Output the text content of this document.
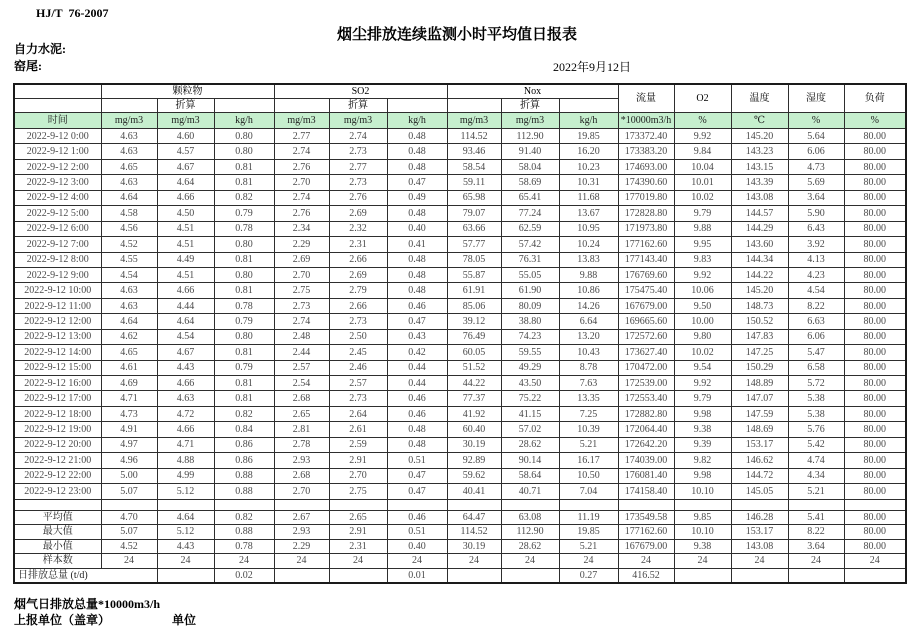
HJ/T  76-2007
烟尘排放连续监测小时平均值日报表
自力水泥:
窑尾:	2022年9月12日
	颗粒物			SO2			Nox			流量	O2	温度	湿度	负荷
		折算			折算			折算						
时间	mg/m3	mg/m3	kg/h	mg/m3	mg/m3	kg/h	mg/m3	mg/m3	kg/h	*10000m3/h	%	℃	%	%
2022-9-12 0:00	4.63	4.60	0.80	2.77	2.74	0.48	114.52	112.90	19.85	173372.40	9.92	145.20	5.64	80.00
2022-9-12 1:00	4.63	4.57	0.80	2.74	2.73	0.48	93.46	91.40	16.20	173383.20	9.84	143.23	6.06	80.00
2022-9-12 2:00	4.65	4.67	0.81	2.76	2.77	0.48	58.54	58.04	10.23	174693.00	10.04	143.15	4.73	80.00
2022-9-12 3:00	4.63	4.64	0.81	2.70	2.73	0.47	59.11	58.69	10.31	174390.60	10.01	143.39	5.69	80.00
2022-9-12 4:00	4.64	4.66	0.82	2.74	2.76	0.49	65.98	65.41	11.68	177019.80	10.02	143.08	3.64	80.00
2022-9-12 5:00	4.58	4.50	0.79	2.76	2.69	0.48	79.07	77.24	13.67	172828.80	9.79	144.57	5.90	80.00
2022-9-12 6:00	4.56	4.51	0.78	2.34	2.32	0.40	63.66	62.59	10.95	171973.80	9.88	144.29	6.43	80.00
2022-9-12 7:00	4.52	4.51	0.80	2.29	2.31	0.41	57.77	57.42	10.24	177162.60	9.95	143.60	3.92	80.00
2022-9-12 8:00	4.55	4.49	0.81	2.69	2.66	0.48	78.05	76.31	13.83	177143.40	9.83	144.34	4.13	80.00
2022-9-12 9:00	4.54	4.51	0.80	2.70	2.69	0.48	55.87	55.05	9.88	176769.60	9.92	144.22	4.23	80.00
2022-9-12 10:00	4.63	4.66	0.81	2.75	2.79	0.48	61.91	61.90	10.86	175475.40	10.06	145.20	4.54	80.00
2022-9-12 11:00	4.63	4.44	0.78	2.73	2.66	0.46	85.06	80.09	14.26	167679.00	9.50	148.73	8.22	80.00
2022-9-12 12:00	4.64	4.64	0.79	2.74	2.73	0.47	39.12	38.80	6.64	169665.60	10.00	150.52	6.63	80.00
2022-9-12 13:00	4.62	4.54	0.80	2.48	2.50	0.43	76.49	74.23	13.20	172572.60	9.80	147.83	6.06	80.00
2022-9-12 14:00	4.65	4.67	0.81	2.44	2.45	0.42	60.05	59.55	10.43	173627.40	10.02	147.25	5.47	80.00
2022-9-12 15:00	4.61	4.43	0.79	2.57	2.46	0.44	51.52	49.29	8.78	170472.00	9.54	150.29	6.58	80.00
2022-9-12 16:00	4.69	4.66	0.81	2.54	2.57	0.44	44.22	43.50	7.63	172539.00	9.92	148.89	5.72	80.00
2022-9-12 17:00	4.71	4.63	0.81	2.68	2.73	0.46	77.37	75.22	13.35	172553.40	9.79	147.07	5.38	80.00
2022-9-12 18:00	4.73	4.72	0.82	2.65	2.64	0.46	41.92	41.15	7.25	172882.80	9.98	147.59	5.38	80.00
2022-9-12 19:00	4.91	4.66	0.84	2.81	2.61	0.48	60.40	57.02	10.39	172064.40	9.38	148.69	5.76	80.00
2022-9-12 20:00	4.97	4.71	0.86	2.78	2.59	0.48	30.19	28.62	5.21	172642.20	9.39	153.17	5.42	80.00
2022-9-12 21:00	4.96	4.88	0.86	2.93	2.91	0.51	92.89	90.14	16.17	174039.00	9.82	146.62	4.74	80.00
2022-9-12 22:00	5.00	4.99	0.88	2.68	2.70	0.47	59.62	58.64	10.50	176081.40	9.98	144.72	4.34	80.00
2022-9-12 23:00	5.07	5.12	0.88	2.70	2.75	0.47	40.41	40.71	7.04	174158.40	10.10	145.05	5.21	80.00

平均值	4.70	4.64	0.82	2.67	2.65	0.46	64.47	63.08	11.19	173549.58	9.85	146.28	5.41	80.00
最大值	5.07	5.12	0.88	2.93	2.91	0.51	114.52	112.90	19.85	177162.60	10.10	153.17	8.22	80.00
最小值	4.52	4.43	0.78	2.29	2.31	0.40	30.19	28.62	5.21	167679.00	9.38	143.08	3.64	80.00
样本数	24	24	24	24	24	24	24	24	24	24	24	24	24	24
日排放总量 (t/d)			0.02			0.01			0.27	416.52				
烟气日排放总量*10000m3/h
上报单位（盖章）	单位
